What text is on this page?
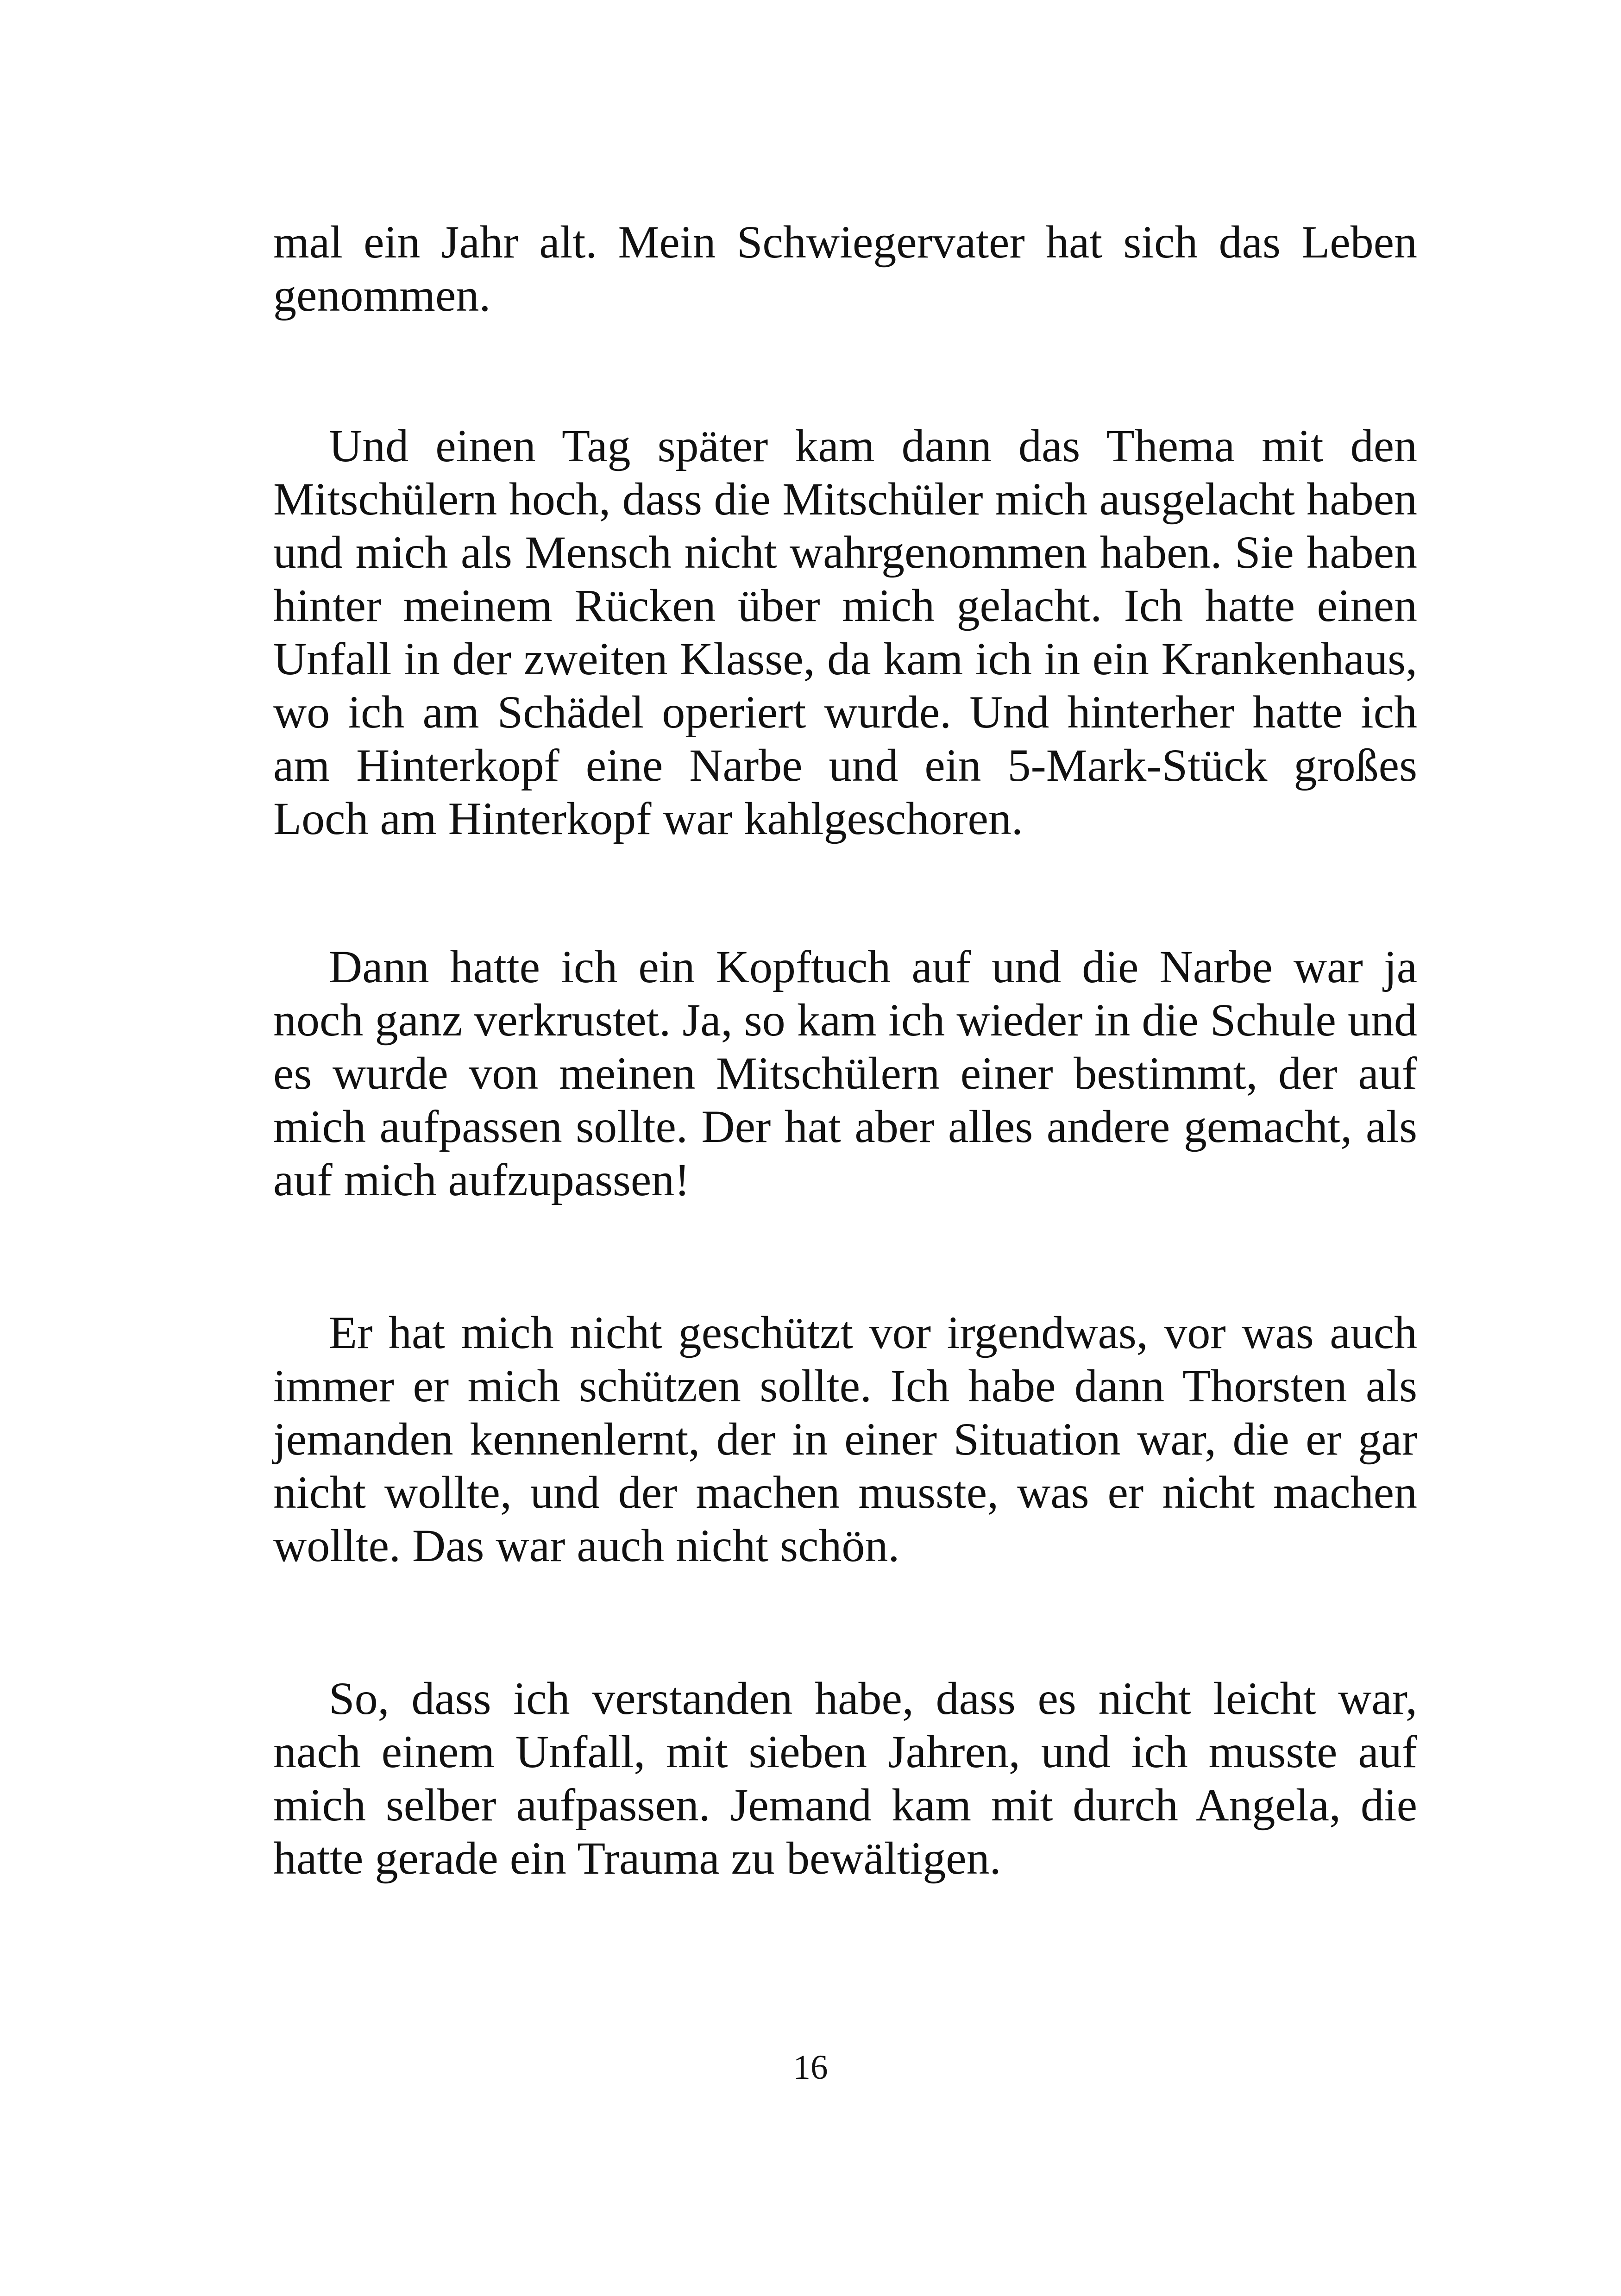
mal ein Jahr alt. Mein Schwiegervater hat sich das Leben genommen.

Und einen Tag später kam dann das Thema mit den Mitschülern hoch, dass die Mitschüler mich ausgelacht haben und mich als Mensch nicht wahrgenommen haben. Sie haben hinter meinem Rücken über mich gelacht. Ich hatte einen Unfall in der zweiten Klasse, da kam ich in ein Krankenhaus, wo ich am Schädel operiert wurde. Und hinterher hatte ich am Hinterkopf eine Narbe und ein 5-Mark-Stück großes Loch am Hinterkopf war kahlgeschoren.

Dann hatte ich ein Kopftuch auf und die Narbe war ja noch ganz verkrustet. Ja, so kam ich wieder in die Schule und es wurde von meinen Mitschülern einer bestimmt, der auf mich aufpassen sollte. Der hat aber alles andere gemacht, als auf mich aufzupassen!

Er hat mich nicht geschützt vor irgendwas, vor was auch immer er mich schützen sollte. Ich habe dann Thorsten als jemanden kennenlernt, der in einer Situation war, die er gar nicht wollte, und der machen musste, was er nicht machen wollte. Das war auch nicht schön.

So, dass ich verstanden habe, dass es nicht leicht war, nach einem Unfall, mit sieben Jahren, und ich musste auf mich selber aufpassen. Jemand kam mit durch Angela, die hatte gerade ein Trauma zu bewältigen.

16
